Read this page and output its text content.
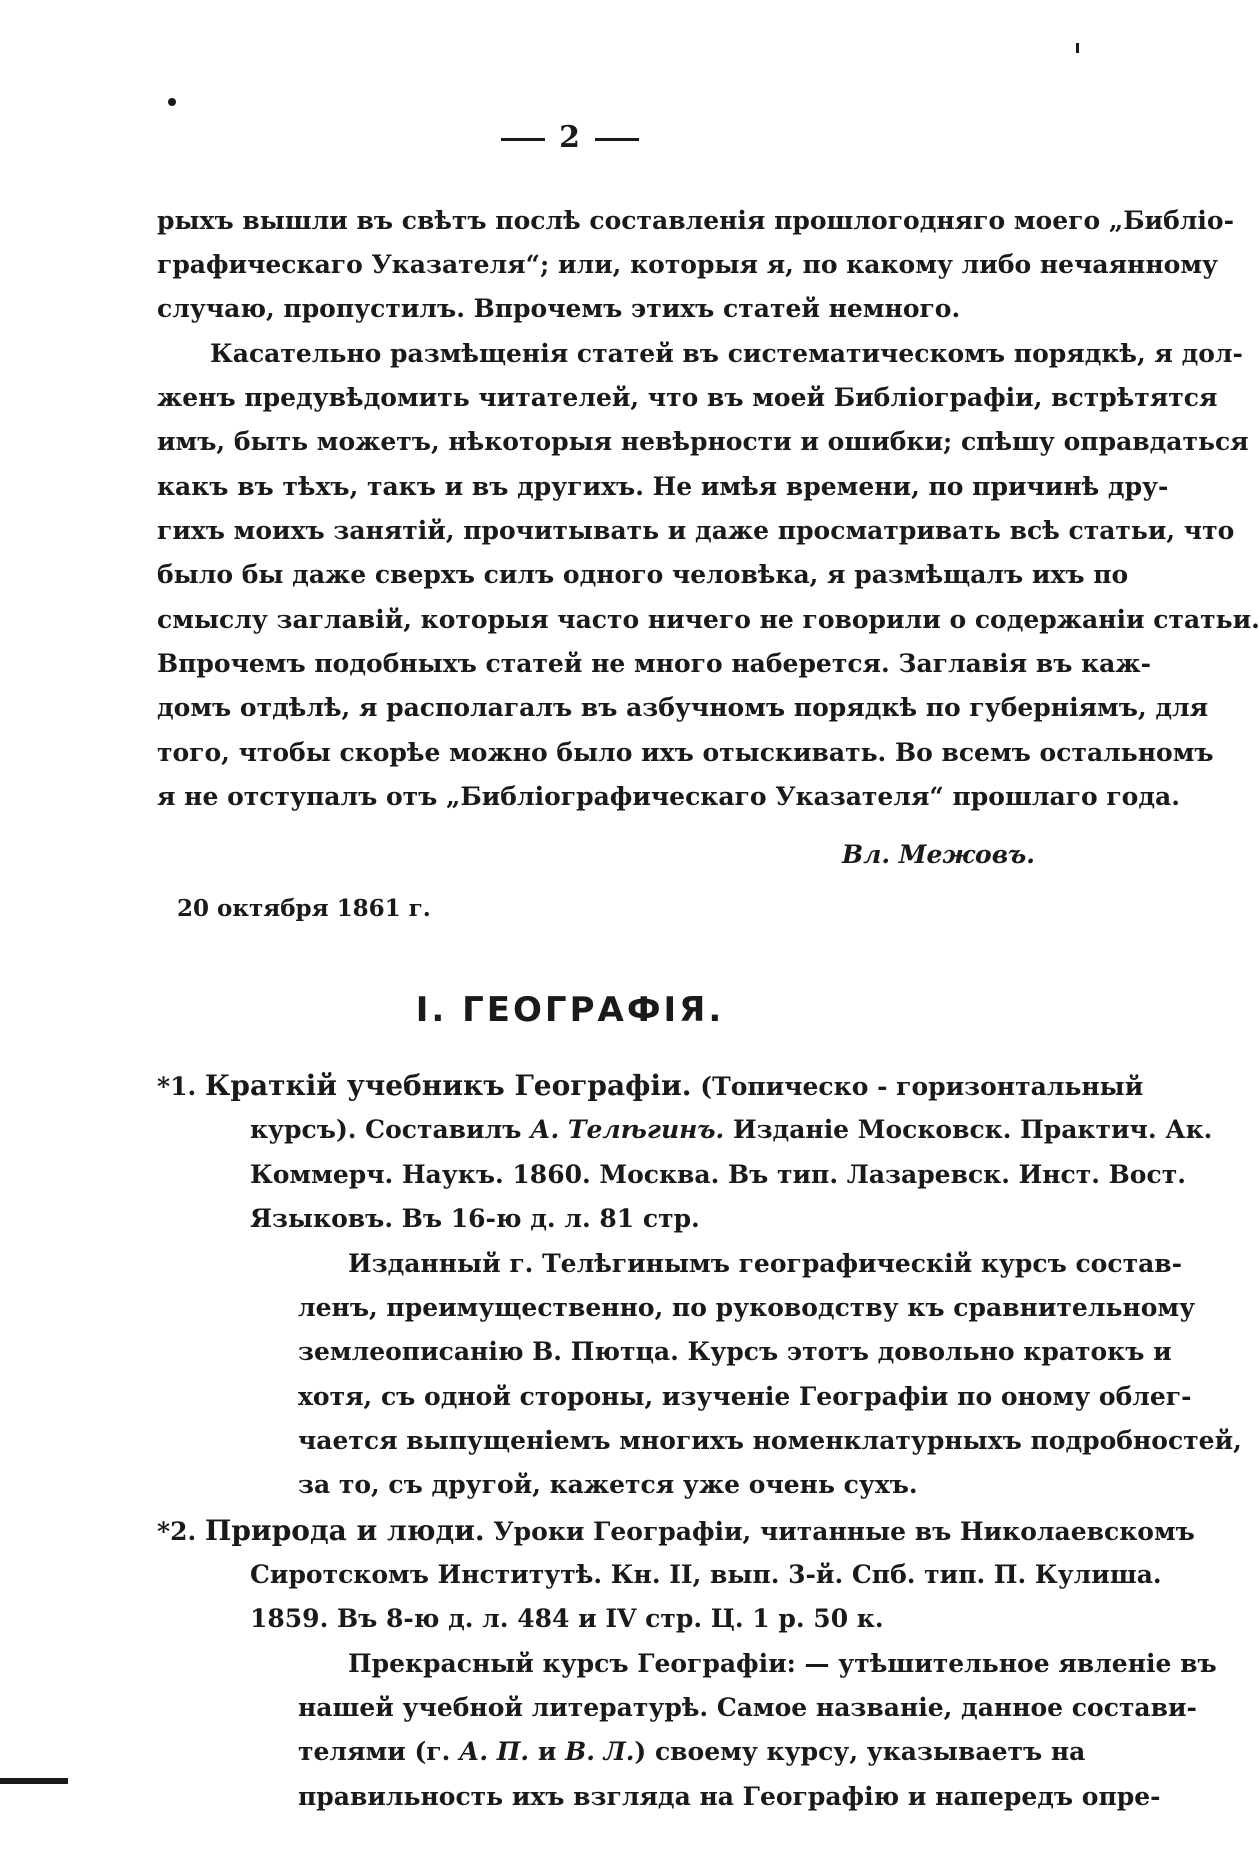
2
рыхъ вышли въ свѣтъ послѣ составленія прошлогодняго моего „Библіо-
графическаго Указателя“; или, которыя я, по какому либо нечаянному
случаю, пропустилъ. Впрочемъ этихъ статей немного.
Касательно размѣщенія статей въ систематическомъ порядкѣ, я дол-
женъ предувѣдомить читателей, что въ моей Библіографіи, встрѣтятся
имъ, быть можетъ, нѣкоторыя невѣрности и ошибки; спѣшу оправдаться
какъ въ тѣхъ, такъ и въ другихъ. Не имѣя времени, по причинѣ дру-
гихъ моихъ занятій, прочитывать и даже просматривать всѣ статьи, что
было бы даже сверхъ силъ одного человѣка, я размѣщалъ ихъ по
смыслу заглавій, которыя часто ничего не говорили о содержаніи статьи.
Впрочемъ подобныхъ статей не много наберется. Заглавія въ каж-
домъ отдѣлѣ, я располагалъ въ азбучномъ порядкѣ по губерніямъ, для
того, чтобы скорѣе можно было ихъ отыскивать. Во всемъ остальномъ
я не отступалъ отъ „Библіографическаго Указателя“ прошлаго года.
Вл. Межовъ.
20 октября 1861 г.
I. ГЕОГРАФІЯ.
*1. Краткій учебникъ Географіи. (Топическо - горизонтальный
курсъ). Составилъ А. Телѣгинъ. Изданіе Московск. Практич. Ак.
Коммерч. Наукъ. 1860. Москва. Въ тип. Лазаревск. Инст. Вост.
Языковъ. Въ 16-ю д. л. 81 стр.
Изданный г. Телѣгинымъ географическій курсъ состав-
ленъ, преимущественно, по руководству къ сравнительному
землеописанію В. Пютца. Курсъ этотъ довольно кратокъ и
хотя, съ одной стороны, изученіе Географіи по оному облег-
чается выпущеніемъ многихъ номенклатурныхъ подробностей,
за то, съ другой, кажется уже очень сухъ.
*2. Природа и люди. Уроки Географіи, читанные въ Николаевскомъ
Сиротскомъ Институтѣ. Кн. II, вып. 3-й. Спб. тип. П. Кулиша.
1859. Въ 8-ю д. л. 484 и IV стр. Ц. 1 р. 50 к.
Прекрасный курсъ Географіи: — утѣшительное явленіе въ
нашей учебной литературѣ. Самое названіе, данное состави-
телями (г. А. П. и В. Л.) своему курсу, указываетъ на
правильность ихъ взгляда на Географію и напередъ опре-
